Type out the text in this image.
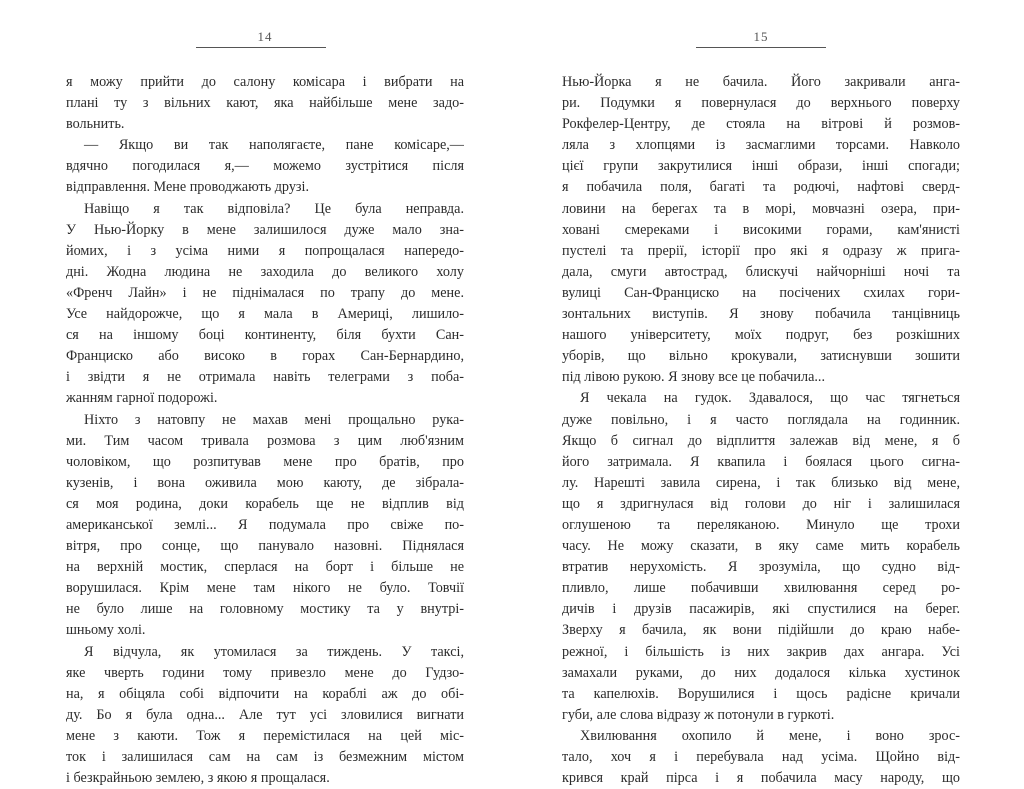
14
я можу прийти до салону комісара і вибрати на
плані ту з вільних кают, яка найбільше мене задо-
вольнить.
— Якщо ви так наполягаєте, пане комісаре,—
вдячно погодилася я,— можемо зустрітися після
відправлення. Мене проводжають друзі.
Навіщо я так відповіла? Це була неправда.
У Нью-Йорку в мене залишилося дуже мало зна-
йомих, і з усіма ними я попрощалася напередо-
дні. Жодна людина не заходила до великого холу
«Френч Лайн» і не піднімалася по трапу до мене.
Усе найдорожче, що я мала в Америці, лишило-
ся на іншому боці континенту, біля бухти Сан-
Франциско або високо в горах Сан-Бернардино,
і звідти я не отримала навіть телеграми з поба-
жанням гарної подорожі.
Ніхто з натовпу не махав мені прощально рука-
ми. Тим часом тривала розмова з цим люб'язним
чоловіком, що розпитував мене про братів, про
кузенів, і вона оживила мою каюту, де зібрала-
ся моя родина, доки корабель ще не відплив від
американської землі... Я подумала про свіже по-
вітря, про сонце, що панувало назовні. Піднялася
на верхній мостик, сперлася на борт і більше не
ворушилася. Крім мене там нікого не було. Товчії
не було лише на головному мостику та у внутрі-
шньому холі.
Я відчула, як утомилася за тиждень. У таксі,
яке чверть години тому привезло мене до Гудзо-
на, я обіцяла собі відпочити на кораблі аж до обі-
ду. Бо я була одна... Але тут усі зловилися вигнати
мене з каюти. Тож я перемістилася на цей міс-
ток і залишилася сам на сам із безмежним містом
і безкрайньою землею, з якою я прощалася.
15
Нью-Йорка я не бачила. Його закривали анга-
ри. Подумки я повернулася до верхнього поверху
Рокфелер-Центру, де стояла на вітрові й розмов-
ляла з хлопцями із засмаглими торсами. Навколо
цієї групи закрутилися інші образи, інші спогади;
я побачила поля, багаті та родючі, нафтові сверд-
ловини на берегах та в морі, мовчазні озера, при-
ховані смереками і високими горами, кам'янисті
пустелі та прерії, історії про які я одразу ж прига-
дала, смуги автострад, блискучі найчорніші ночі та
вулиці Сан-Франциско на посічених схилах гори-
зонтальних виступів. Я знову побачила танцівниць
нашого університету, моїх подруг, без розкішних
уборів, що вільно крокували, затиснувши зошити
під лівою рукою. Я знову все це побачила...
Я чекала на гудок. Здавалося, що час тягнеться
дуже повільно, і я часто поглядала на годинник.
Якщо б сигнал до відплиття залежав від мене, я б
його затримала. Я квапила і боялася цього сигна-
лу. Нарешті завила сирена, і так близько від мене,
що я здригнулася від голови до ніг і залишилася
оглушеною та переляканою. Минуло ще трохи
часу. Не можу сказати, в яку саме мить корабель
втратив нерухомість. Я зрозуміла, що судно від-
пливло, лише побачивши хвилювання серед ро-
дичів і друзів пасажирів, які спустилися на берег.
Зверху я бачила, як вони підійшли до краю набе-
режної, і більшість із них закрив дах ангара. Усі
замахали руками, до них додалося кілька хустинок
та капелюхів. Ворушилися і щось радісне кричали
губи, але слова відразу ж потонули в гуркоті.
Хвилювання охопило й мене, і воно зрос-
тало, хоч я і перебувала над усіма. Щойно від-
крився край пірса і я побачила масу народу, що
